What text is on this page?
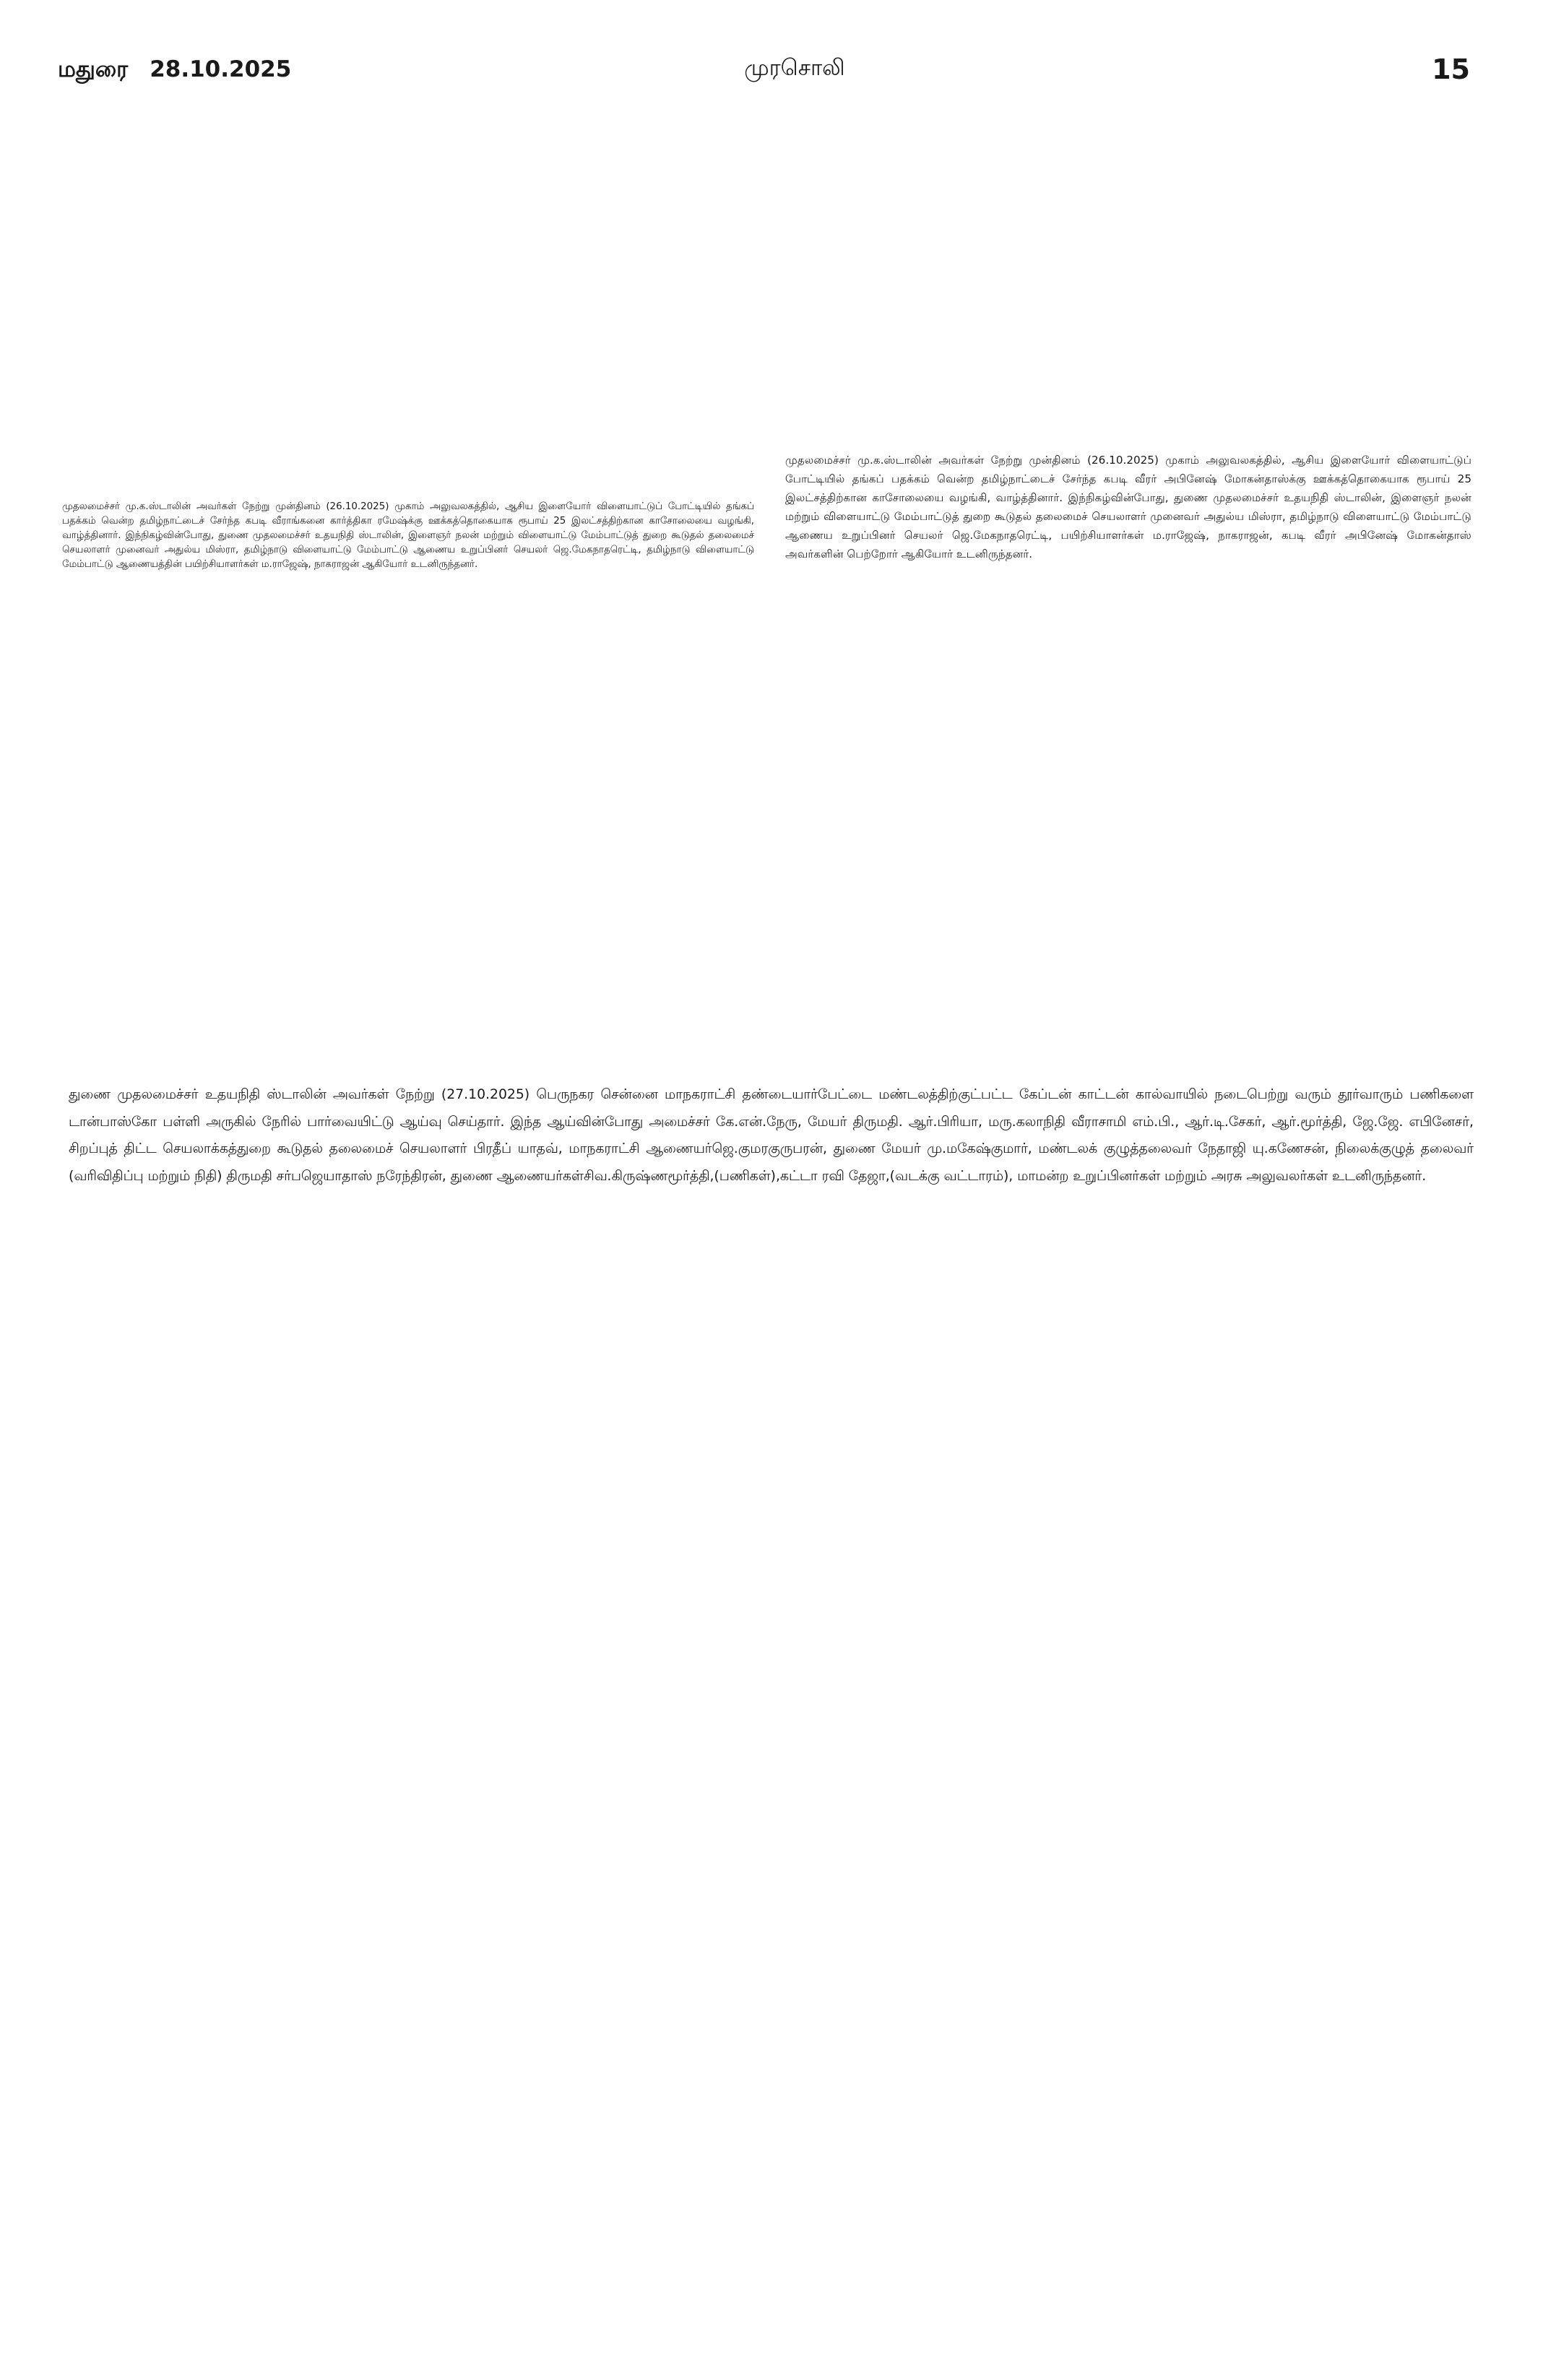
மதுரை 28.10.2025	முரசொலி	15

முதலமைச்சர் மு.க.ஸ்டாலின் அவர்கள் நேற்று முன்தினம் (26.10.2025) முகாம் அலுவலகத்தில், ஆசிய இளையோர் விளையாட்டுப் போட்டியில் தங்கப் பதக்கம் வென்ற தமிழ்நாட்டைச் சேர்ந்த கபடி வீரர் அபினேஷ் மோகன்தாஸ்க்கு ஊக்கத்தொகையாக ரூபாய் 25 இலட்சத்திற்கான காசோலையை வழங்கி, வாழ்த்தினார். இந்நிகழ்வின்போது, துணை முதலமைச்சர் உதயநிதி ஸ்டாலின், இளைஞர் நலன் மற்றும் விளையாட்டு மேம்பாட்டுத் துறை கூடுதல் தலைமைச் செயலாளர் முனைவர் அதுல்ய மிஸ்ரா, தமிழ்நாடு விளையாட்டு மேம்பாட்டு ஆணைய உறுப்பினர் செயலர் ஜெ.மேகநாதரெட்டி, பயிற்சியாளர்கள் ம.ராஜேஷ், நாகராஜன், கபடி வீரர் அபினேஷ் மோகன்தாஸ் அவர்களின் பெற்றோர் ஆகியோர் உடனிருந்தனர்.

முதலமைச்சர் மு.க.ஸ்டாலின் அவர்கள் நேற்று முன்தினம் (26.10.2025) முகாம் அலுவலகத்தில், ஆசிய இளையோர் விளையாட்டுப் போட்டியில் தங்கப் பதக்கம் வென்ற தமிழ்நாட்டைச் சேர்ந்த கபடி வீராங்கனை கார்த்திகா ரமேஷ்க்கு ஊக்கத்தொகையாக ரூபாய் 25 இலட்சத்திற்கான காசோலையை வழங்கி, வாழ்த்தினார். இந்நிகழ்வின்போது, துணை முதலமைச்சர் உதயநிதி ஸ்டாலின், இளைஞர் நலன் மற்றும் விளையாட்டு மேம்பாட்டுத் துறை கூடுதல் தலைமைச் செயலாளர் முனைவர் அதுல்ய மிஸ்ரா, தமிழ்நாடு விளையாட்டு மேம்பாட்டு ஆணைய உறுப்பினர் செயலர் ஜெ.மேகநாதரெட்டி, தமிழ்நாடு விளையாட்டு மேம்பாட்டு ஆணையத்தின் பயிற்சியாளர்கள் ம.ராஜேஷ், நாகராஜன் ஆகியோர் உடனிருந்தனர்.

துணை முதலமைச்சர் உதயநிதி ஸ்டாலின் அவர்கள் நேற்று (27.10.2025) பெருநகர சென்னை மாநகராட்சி தண்டையார்பேட்டை மண்டலத்திற்குட்பட்ட கேப்டன் காட்டன் கால்வாயில் நடைபெற்று வரும் தூர்வாரும் பணிகளை டான்பாஸ்கோ பள்ளி அருகில் நேரில் பார்வையிட்டு ஆய்வு செய்தார். இந்த ஆய்வின்போது அமைச்சர் கே.என்.நேரு, மேயர் திருமதி. ஆர்.பிரியா, மரு.கலாநிதி வீராசாமி எம்.பி., ஆர்.டி.சேகர், ஆர்.மூர்த்தி, ஜே.ஜே. எபினேசர், சிறப்புத் திட்ட செயலாக்கத்துறை கூடுதல் தலைமைச் செயலாளர் பிரதீப் யாதவ், மாநகராட்சி ஆணையர்ஜெ.குமரகுருபரன், துணை மேயர் மு.மகேஷ்குமார், மண்டலக் குழுத்தலைவர் நேதாஜி யு.கணேசன், நிலைக்குழுத் தலைவர் (வரிவிதிப்பு மற்றும் நிதி) திருமதி சர்பஜெயாதாஸ் நரேந்திரன், துணை ஆணையர்கள்சிவ.கிருஷ்ணமூர்த்தி,(பணிகள்),கட்டா ரவி தேஜா,(வடக்கு வட்டாரம்), மாமன்ற உறுப்பினர்கள் மற்றும் அரசு அலுவலர்கள் உடனிருந்தனர்.
